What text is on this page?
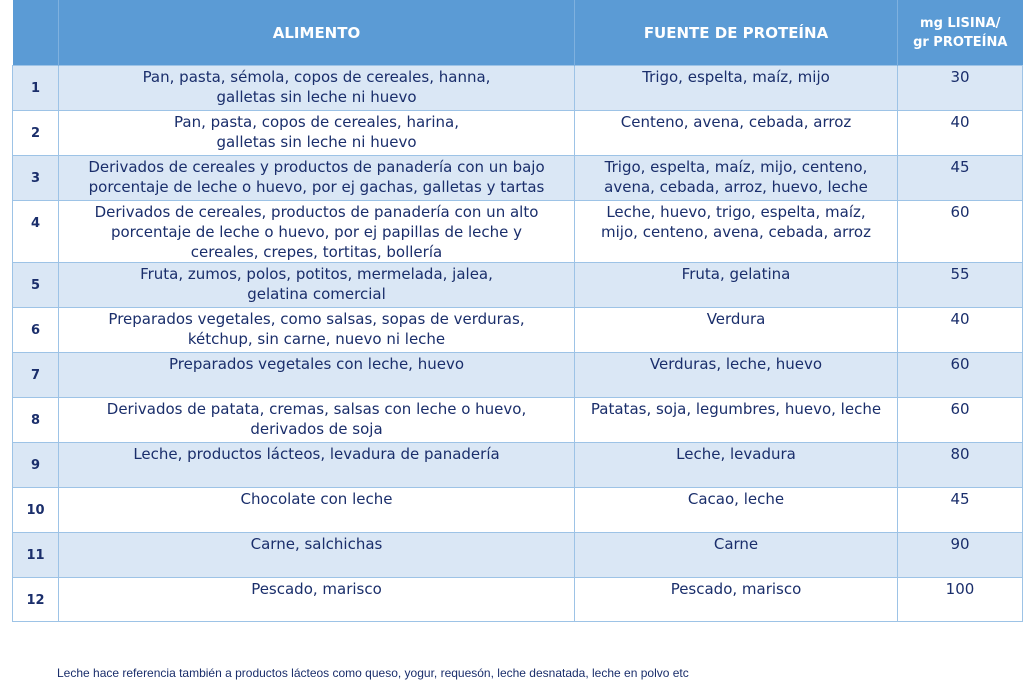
	ALIMENTO	FUENTE DE PROTEÍNA	mg LISINA/
gr PROTEÍNA

1	Pan, pasta, sémola, copos de cereales, hanna,
galletas sin leche ni huevo	Trigo, espelta, maíz, mijo	30
2	Pan, pasta, copos de cereales, harina,
galletas sin leche ni huevo	Centeno, avena, cebada, arroz	40
3	Derivados de cereales y productos de panadería con un bajo
porcentaje de leche o huevo, por ej gachas, galletas y tartas	Trigo, espelta, maíz, mijo, centeno,
avena, cebada, arroz, huevo, leche	45
4	Derivados de cereales, productos de panadería con un alto
porcentaje de leche o huevo, por ej papillas de leche y
cereales, crepes, tortitas, bollería	Leche, huevo, trigo, espelta, maíz,
mijo, centeno, avena, cebada, arroz	60
5	Fruta, zumos, polos, potitos, mermelada, jalea,
gelatina comercial	Fruta, gelatina	55
6	Preparados vegetales, como salsas, sopas de verduras,
kétchup, sin carne, nuevo ni leche	Verdura	40
7	Preparados vegetales con leche, huevo	Verduras, leche, huevo	60
8	Derivados de patata, cremas, salsas con leche o huevo,
derivados de soja	Patatas, soja, legumbres, huevo, leche	60
9	Leche, productos lácteos, levadura de panadería	Leche, levadura	80
10	Chocolate con leche	Cacao, leche	45
11	Carne, salchichas	Carne	90
12	Pescado, marisco	Pescado, marisco	100
Leche hace referencia también a productos lácteos como queso, yogur, requesón, leche desnatada, leche en polvo etc
